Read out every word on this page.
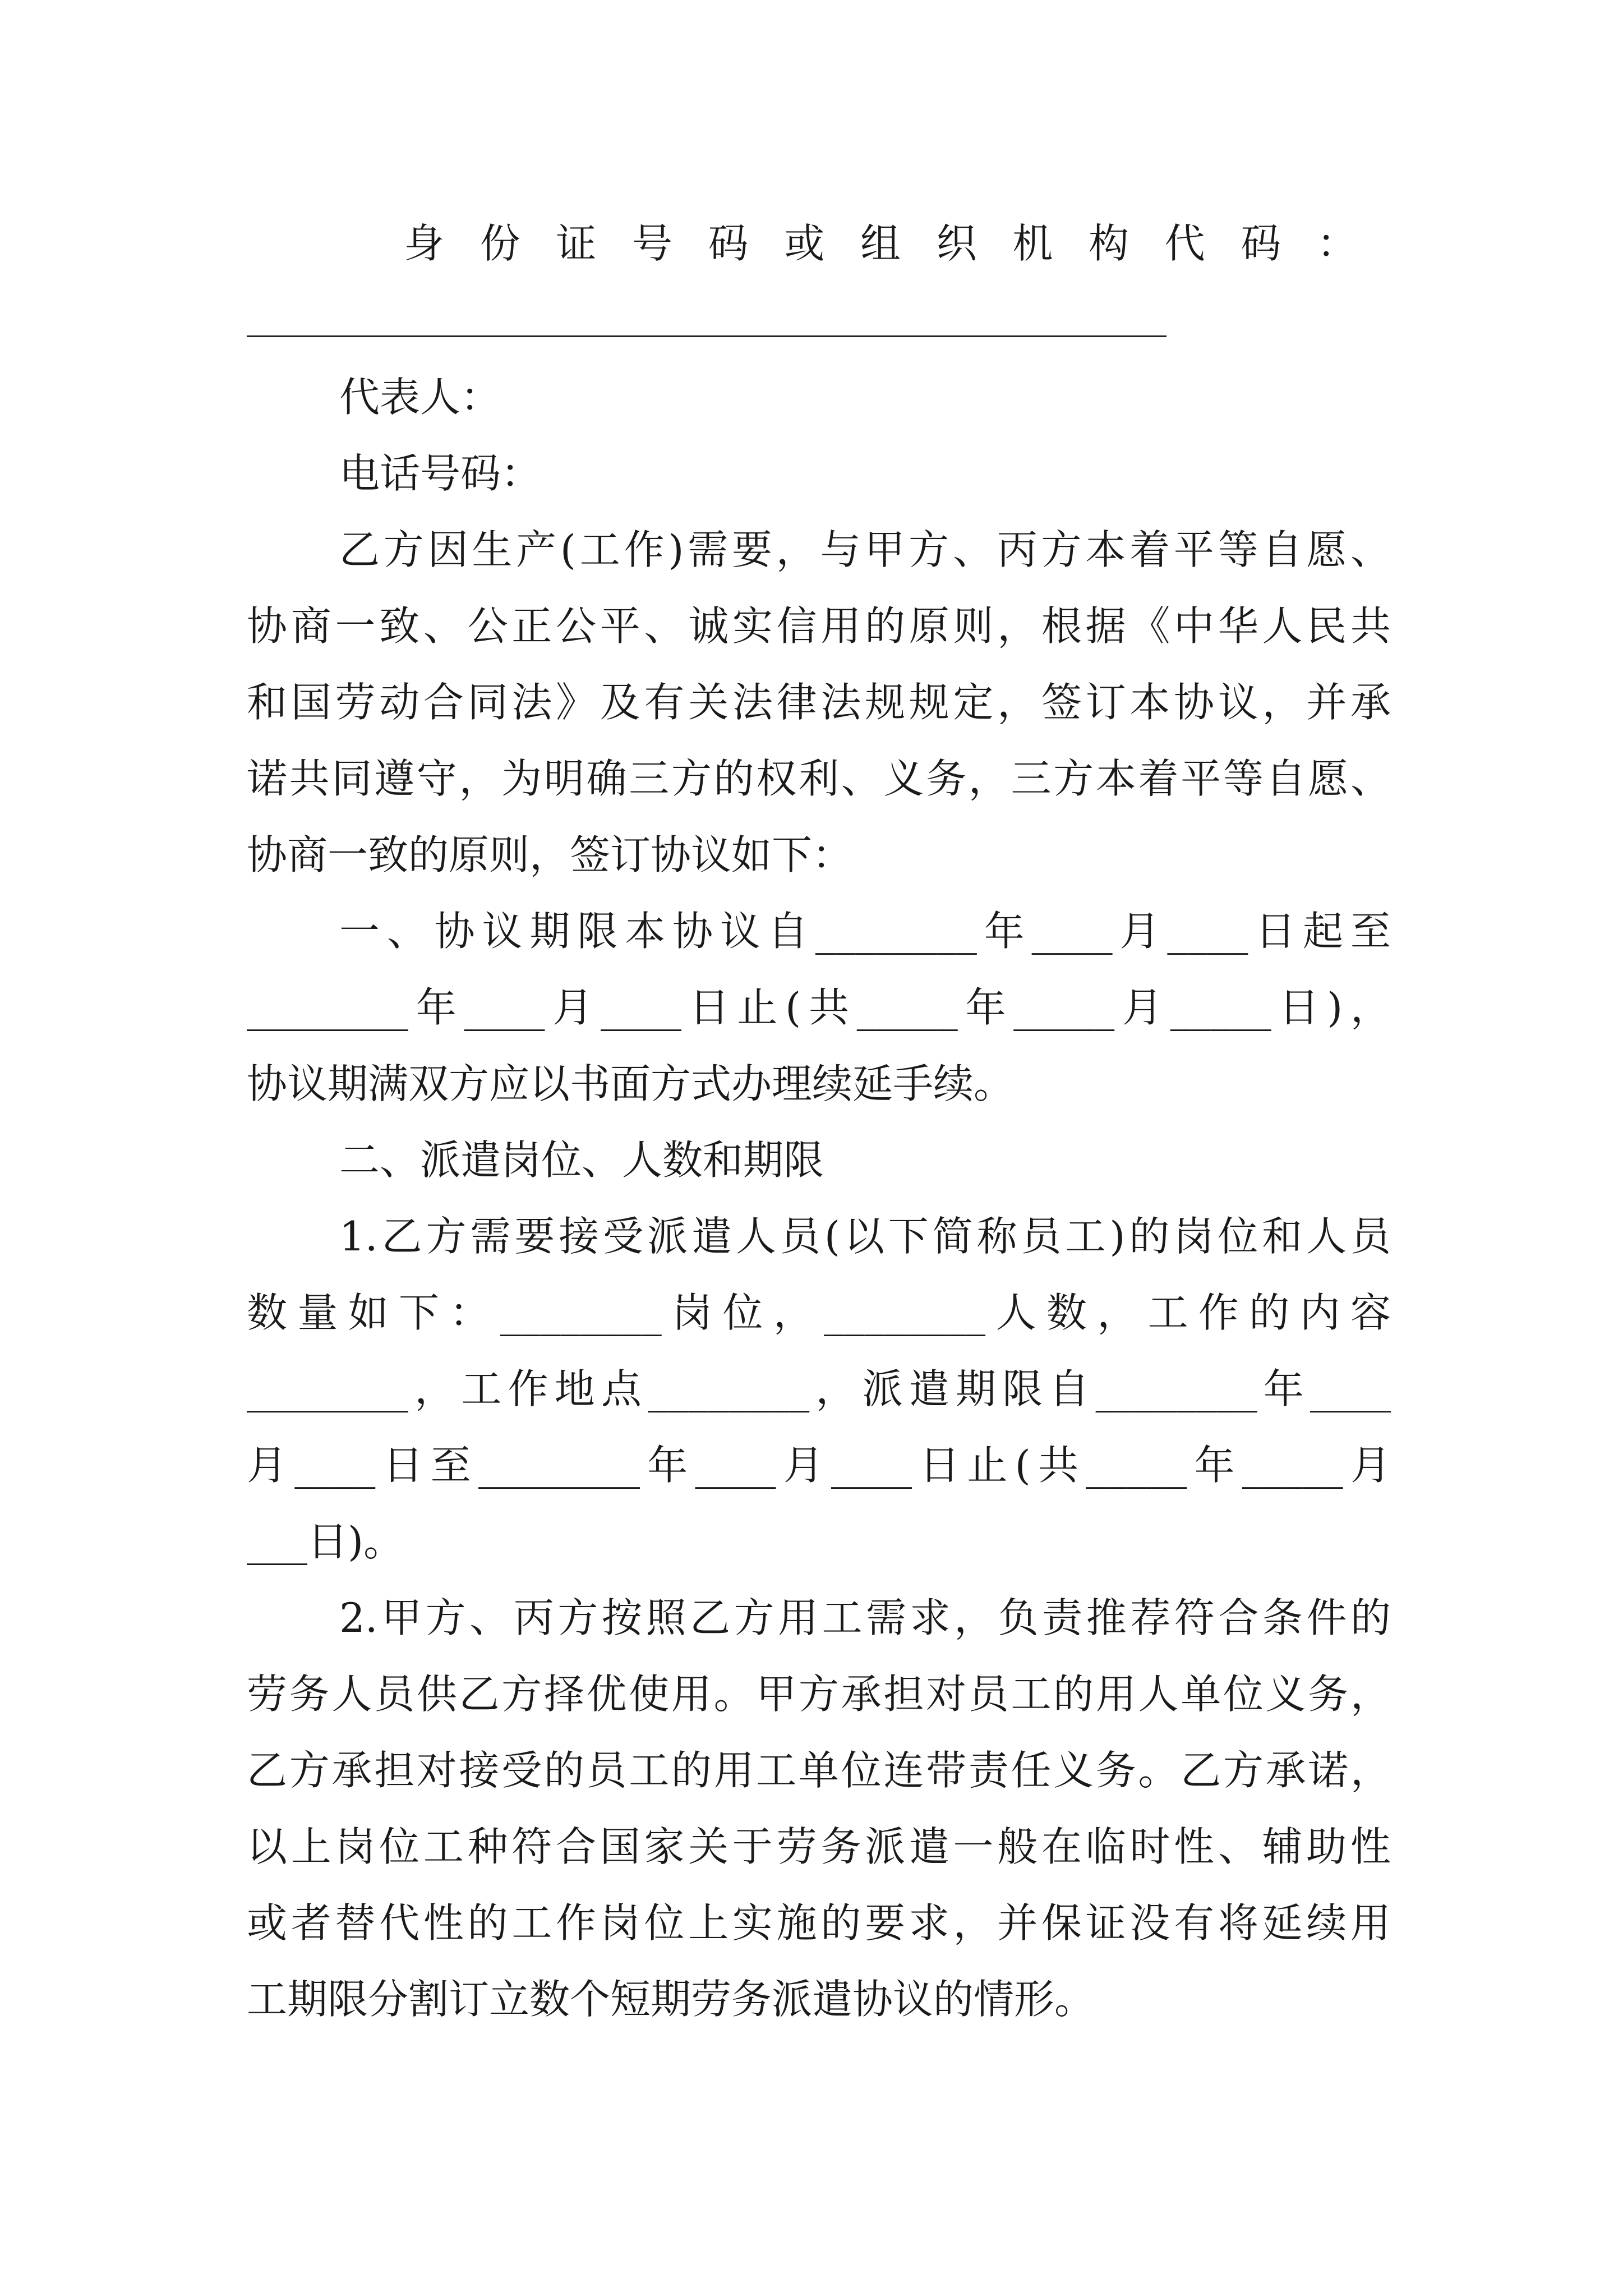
身 份 证 号 码 或 组 织 机 构 代 码 ：
代表人：
电话号码：
乙方因生产(工作)需要，与甲方、丙方本着平等自愿、
协商一致、公正公平、诚实信用的原则，根据《中华人民共
和国劳动合同法》及有关法律法规规定，签订本协议，并承
诺共同遵守，为明确三方的权利、义务，三方本着平等自愿、
协商一致的原则，签订协议如下：
一、协议期限本协议自________年____月____日起至
________年____月____日止(共_____年_____月_____日)，
协议期满双方应以书面方式办理续延手续。
二、派遣岗位、人数和期限
1.乙方需要接受派遣人员(以下简称员工)的岗位和人员
数量如下：________岗位，________人数，工作的内容
________，工作地点________，派遣期限自________年____
月____日至________年____月____日止(共_____年_____月
___日)。
2.甲方、丙方按照乙方用工需求，负责推荐符合条件的
劳务人员供乙方择优使用。甲方承担对员工的用人单位义务，
乙方承担对接受的员工的用工单位连带责任义务。乙方承诺，
以上岗位工种符合国家关于劳务派遣一般在临时性、辅助性
或者替代性的工作岗位上实施的要求，并保证没有将延续用
工期限分割订立数个短期劳务派遣协议的情形。
